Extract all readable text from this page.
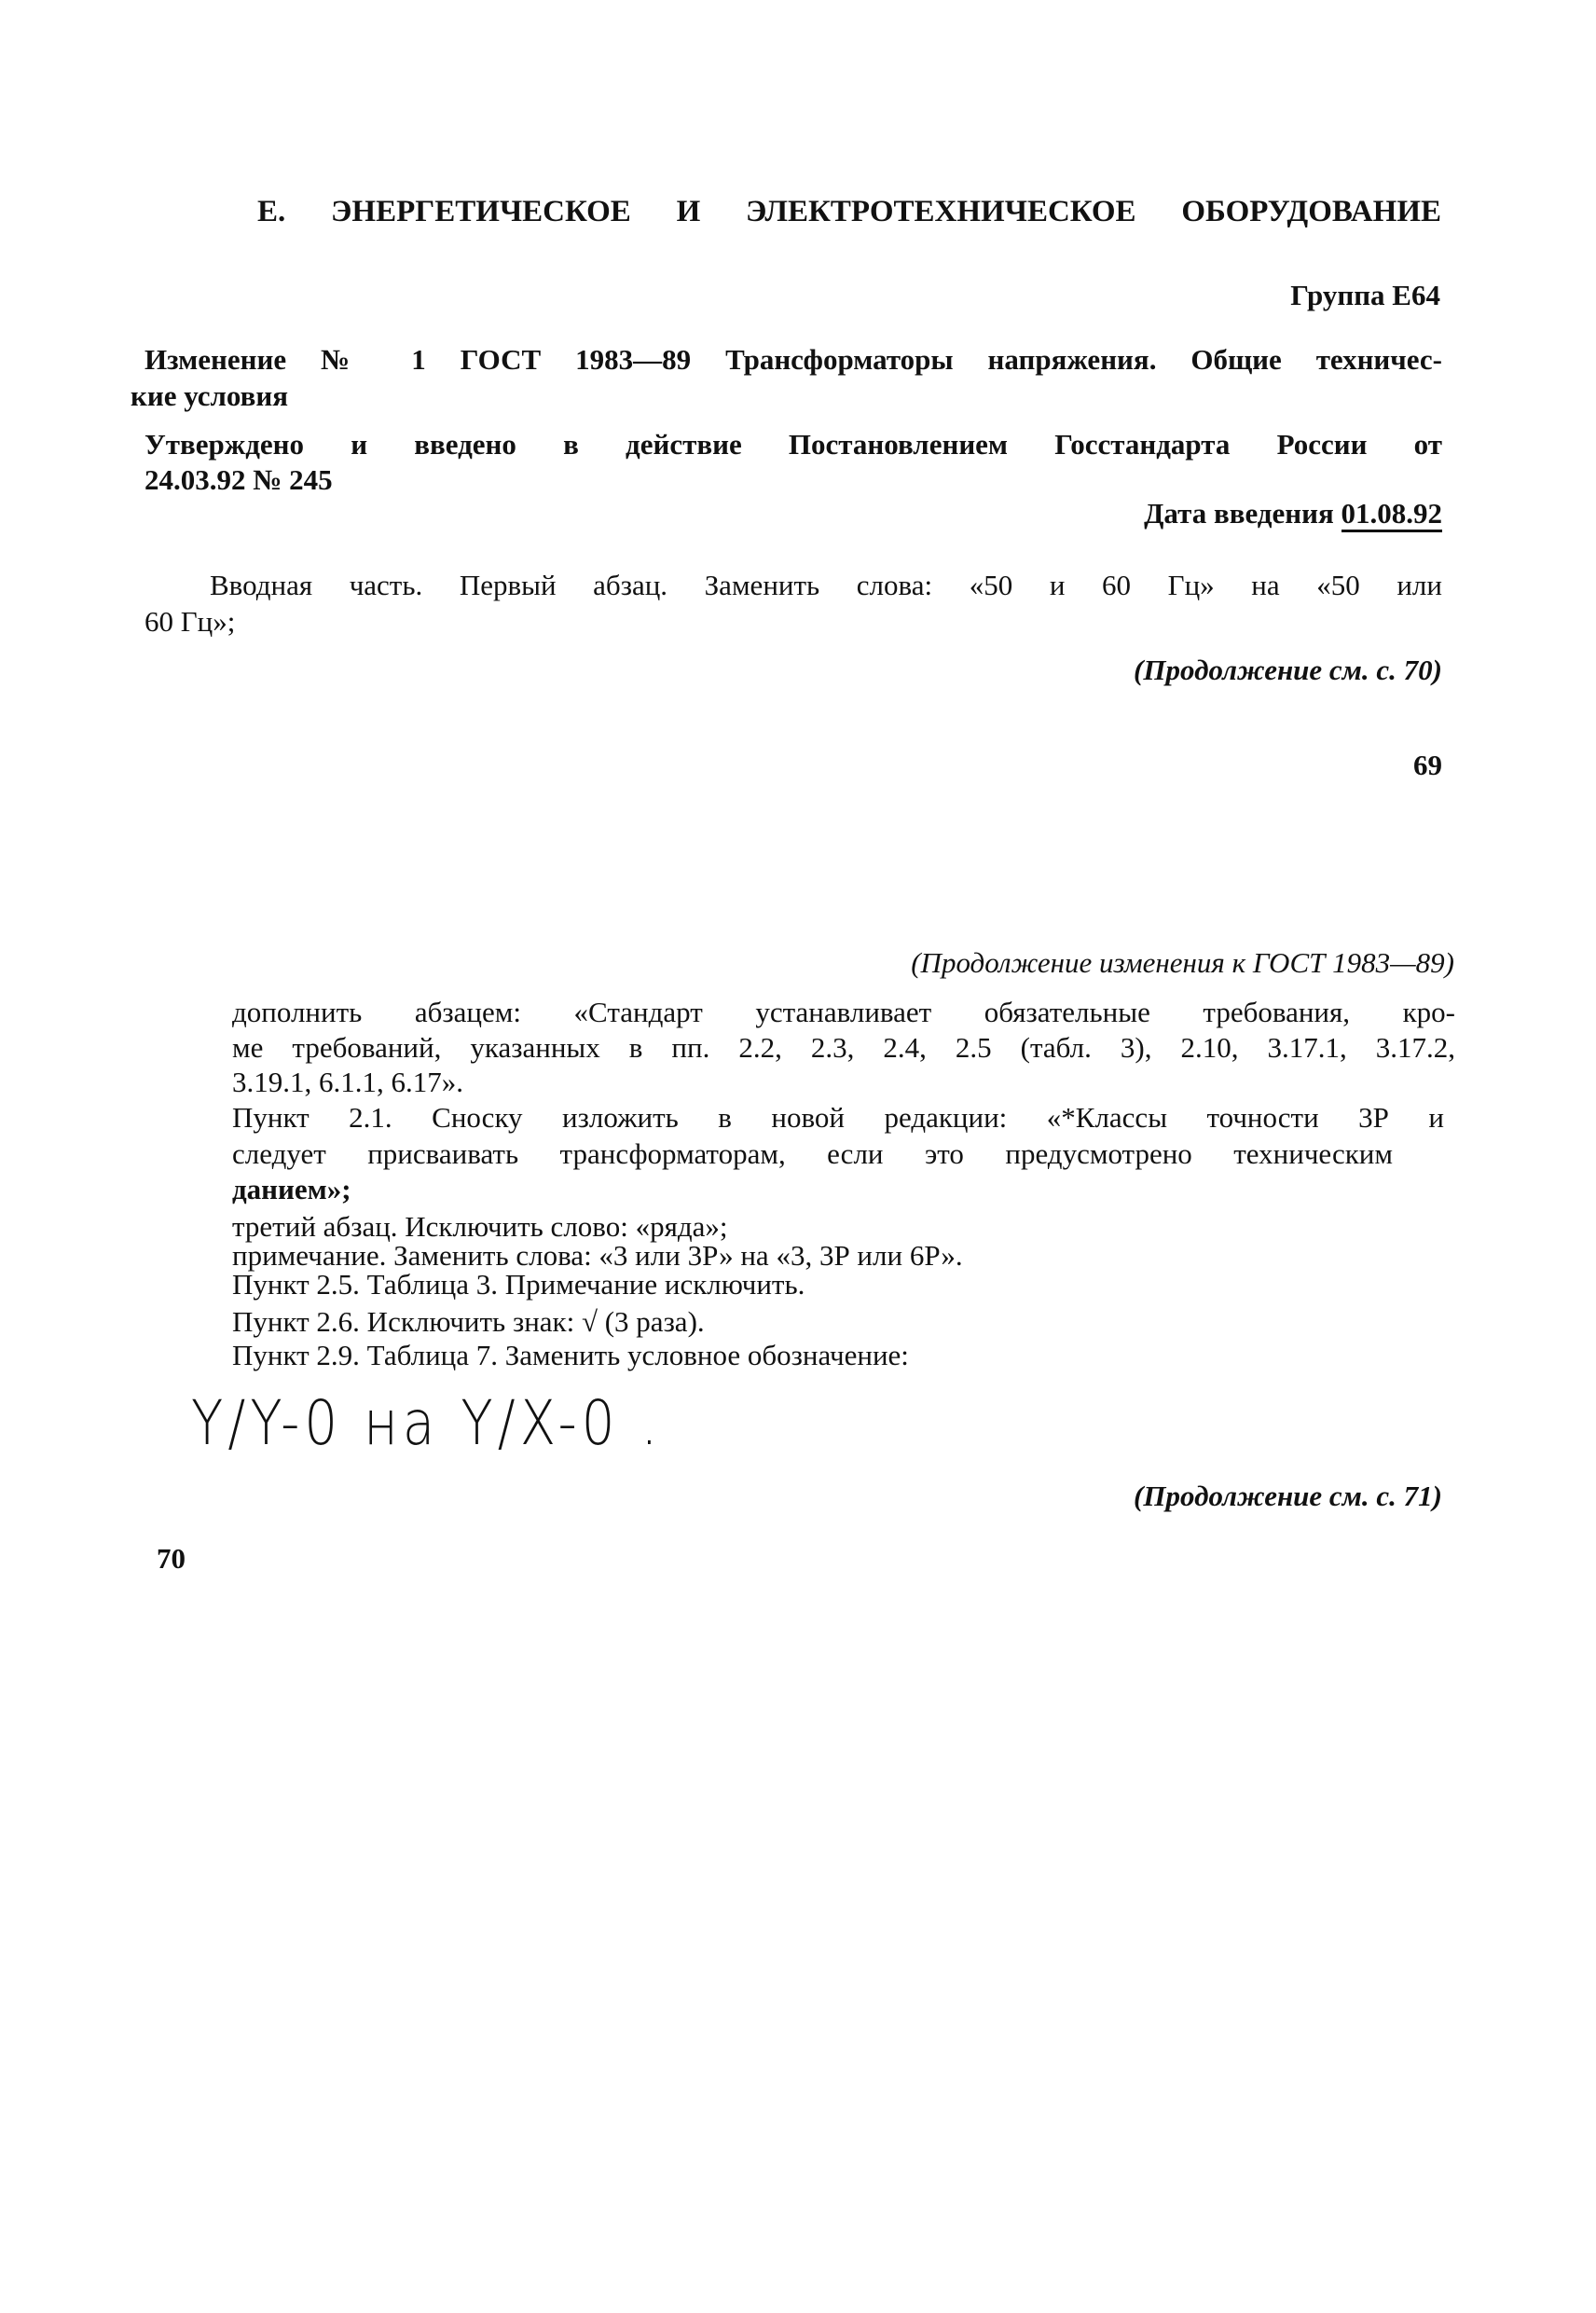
Е. ЭНЕРГЕТИЧЕСКОЕ И ЭЛЕКТРОТЕХНИЧЕСКОЕ ОБОРУДОВАНИЕ
Группа Е64
Изменение № 1 ГОСТ 1983—89 Трансформаторы напряжения. Общие техничес-
кие условия
Утверждено и введено в действие Постановлением Госстандарта России от
24.03.92 № 245
Дата введения 01.08.92
Вводная часть. Первый абзац. Заменить слова: «50 и 60 Гц» на «50 или
60 Гц»;
(Продолжение см. с. 70)
69
(Продолжение изменения к ГОСТ 1983—89)
дополнить абзацем: «Стандарт устанавливает обязательные требования, кро-
ме требований, указанных в пп. 2.2, 2.3, 2.4, 2.5 (табл. 3), 2.10, 3.17.1, 3.17.2,
3.19.1, 6.1.1, 6.17».
Пункт 2.1. Сноску изложить в новой редакции: «*Классы точности 3Р и
следует присваивать трансформаторам, если это предусмотрено техническим
данием»;
третий абзац. Исключить слово: «ряда»;
примечание. Заменить слова: «3 или 3Р» на «3, 3Р или 6Р».
Пункт 2.5. Таблица 3. Примечание исключить.
Пункт 2.6. Исключить знак: √ (3 раза).
Пункт 2.9. Таблица 7. Заменить условное обозначение:
Y/Y-0 на Y/X-0 .
(Продолжение см. с. 71)
70
